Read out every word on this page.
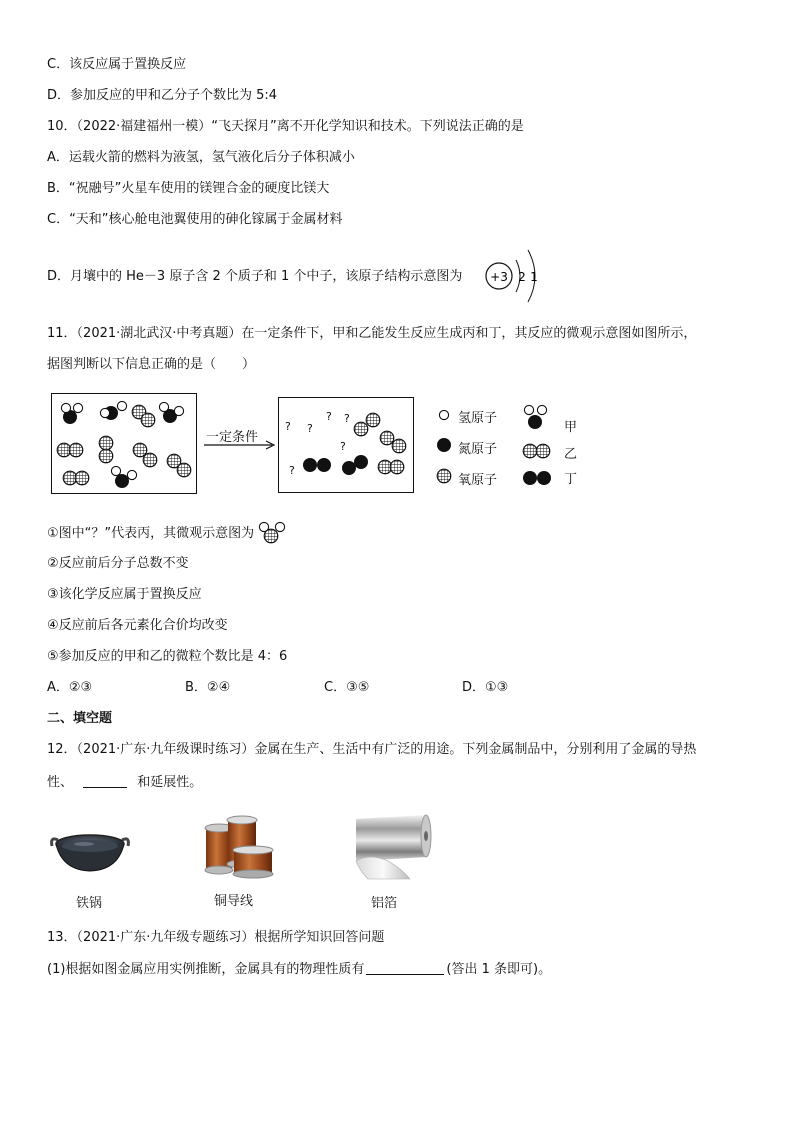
C．该反应属于置换反应
D．参加反应的甲和乙分子个数比为 5:4
10．（2022·福建福州一模）“飞天探月”离不开化学知识和技术。下列说法正确的是
A．运载火箭的燃料为液氢，氢气液化后分子体积减小
B．“祝融号”火星车使用的镁锂合金的硬度比镁大
C．“天和”核心舱电池翼使用的砷化镓属于金属材料
D．月壤中的 He－3 原子含 2 个质子和 1 个中子，该原子结构示意图为 +3 2 1
11．（2021·湖北武汉·中考真题）在一定条件下，甲和乙能发生反应生成丙和丁，其反应的微观示意图如图所示，
据图判断以下信息正确的是（　　）
一定条件
? ?
? ?
?
?
氢原子
氮原子
氧原子
甲
乙
丁
①图中“？”代表丙，其微观示意图为
②反应前后分子总数不变
③该化学反应属于置换反应
④反应前后各元素化合价均改变
⑤参加反应的甲和乙的微粒个数比是 4：6
A．②③	B．②④	C．③⑤	D．①③
二、填空题
12．（2021·广东·九年级课时练习）金属在生产、生活中有广泛的用途。下列金属制品中，分别利用了金属的导热
性、	和延展性。
铁锅	铜导线	铝箔
13．（2021·广东·九年级专题练习）根据所学知识回答问题
(1)根据如图金属应用实例推断，金属具有的物理性质有	(答出 1 条即可)。
